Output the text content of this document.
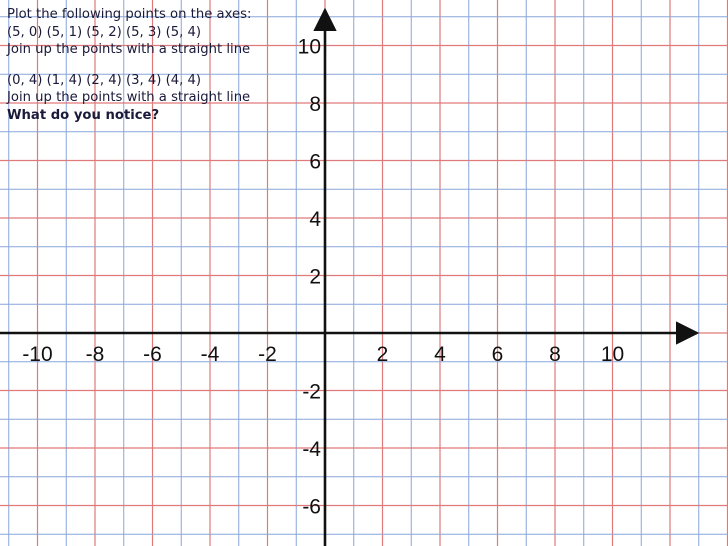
-10 -8 -6 -4 -2	2 4 6 8 10
10
8
6
4
2
-2
-4
-6
Plot the following points on the axes:
(5, 0) (5, 1) (5, 2) (5, 3) (5, 4)
Join up the points with a straight line
(0, 4) (1, 4) (2, 4) (3, 4) (4, 4)
Join up the points with a straight line
What do you notice?
